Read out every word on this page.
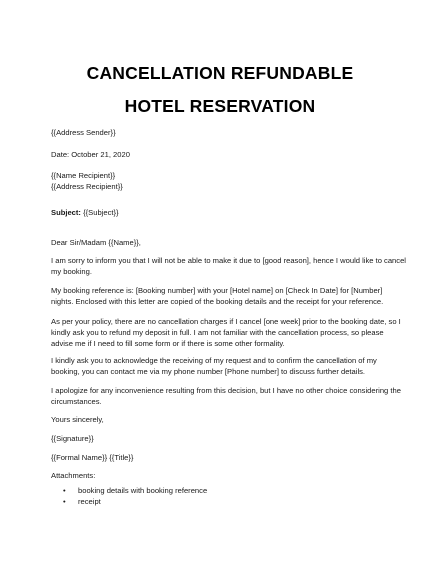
CANCELLATION REFUNDABLE
HOTEL RESERVATION
{{Address Sender}}
Date: October 21, 2020

{{Name Recipient}}

{{Address Recipient}}

Subject: {{Subject}}
Dear Sir/Madam {{Name}},
I am sorry to inform you that I will not be able to make it due to [good reason], hence I would like to cancel my booking.
My booking reference is: [Booking number] with your [Hotel name] on [Check In Date] for [Number] nights. Enclosed with this letter are copied of the booking details and the receipt for your reference.
As per your policy, there are no cancellation charges if I cancel [one week] prior to the booking date, so I kindly ask you to refund my deposit in full. I am not familiar with the cancellation process, so please advise me if I need to fill some form or if there is some other formality.
I kindly ask you to acknowledge the receiving of my request and to confirm the cancellation of my booking, you can contact me via my phone number [Phone number] to discuss further details.
I apologize for any inconvenience resulting from this decision, but I have no other choice considering the circumstances.
Yours sincerely,
{{Signature}}
{{Formal Name}} {{Title}}
Attachments:
• booking details with booking reference
• receipt
